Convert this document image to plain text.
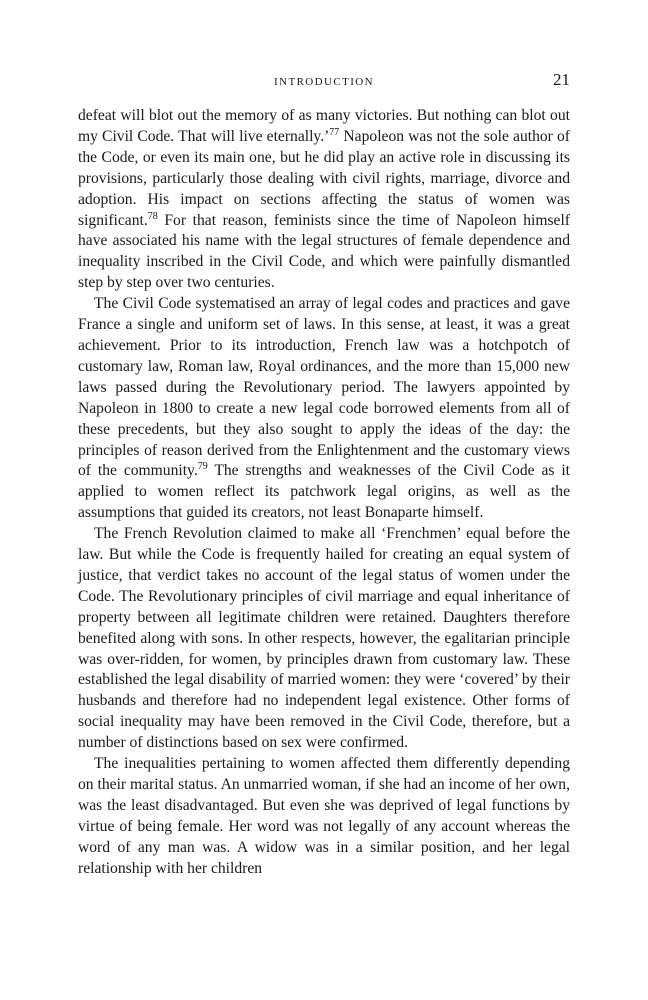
INTRODUCTION	21

defeat will blot out the memory of as many victories. But nothing can blot out my Civil Code. That will live eternally.’$^{77}$ Napoleon was not the sole author of the Code, or even its main one, but he did play an active role in discussing its provisions, particularly those dealing with civil rights, marriage, divorce and adoption. His impact on sections affecting the status of women was significant.$^{78}$ For that reason, feminists since the time of Napoleon himself have associated his name with the legal structures of female dependence and inequality inscribed in the Civil Code, and which were painfully dismantled step by step over two centuries.

The Civil Code systematised an array of legal codes and practices and gave France a single and uniform set of laws. In this sense, at least, it was a great achievement. Prior to its introduction, French law was a hotchpotch of customary law, Roman law, Royal ordinances, and the more than 15,000 new laws passed during the Revolutionary period. The lawyers appointed by Napoleon in 1800 to create a new legal code borrowed elements from all of these precedents, but they also sought to apply the ideas of the day: the principles of reason derived from the Enlightenment and the customary views of the community.$^{79}$ The strengths and weaknesses of the Civil Code as it applied to women reflect its patchwork legal origins, as well as the assumptions that guided its creators, not least Bonaparte himself.

The French Revolution claimed to make all ‘Frenchmen’ equal before the law. But while the Code is frequently hailed for creating an equal system of justice, that verdict takes no account of the legal status of women under the Code. The Revolutionary principles of civil marriage and equal inheritance of property between all legitimate children were retained. Daughters therefore benefited along with sons. In other respects, however, the egalitarian principle was over-ridden, for women, by principles drawn from customary law. These established the legal disability of married women: they were ‘covered’ by their husbands and therefore had no independent legal existence. Other forms of social inequality may have been removed in the Civil Code, therefore, but a number of distinctions based on sex were confirmed.

The inequalities pertaining to women affected them differently depending on their marital status. An unmarried woman, if she had an income of her own, was the least disadvantaged. But even she was deprived of legal functions by virtue of being female. Her word was not legally of any account whereas the word of any man was. A widow was in a similar position, and her legal relationship with her children
